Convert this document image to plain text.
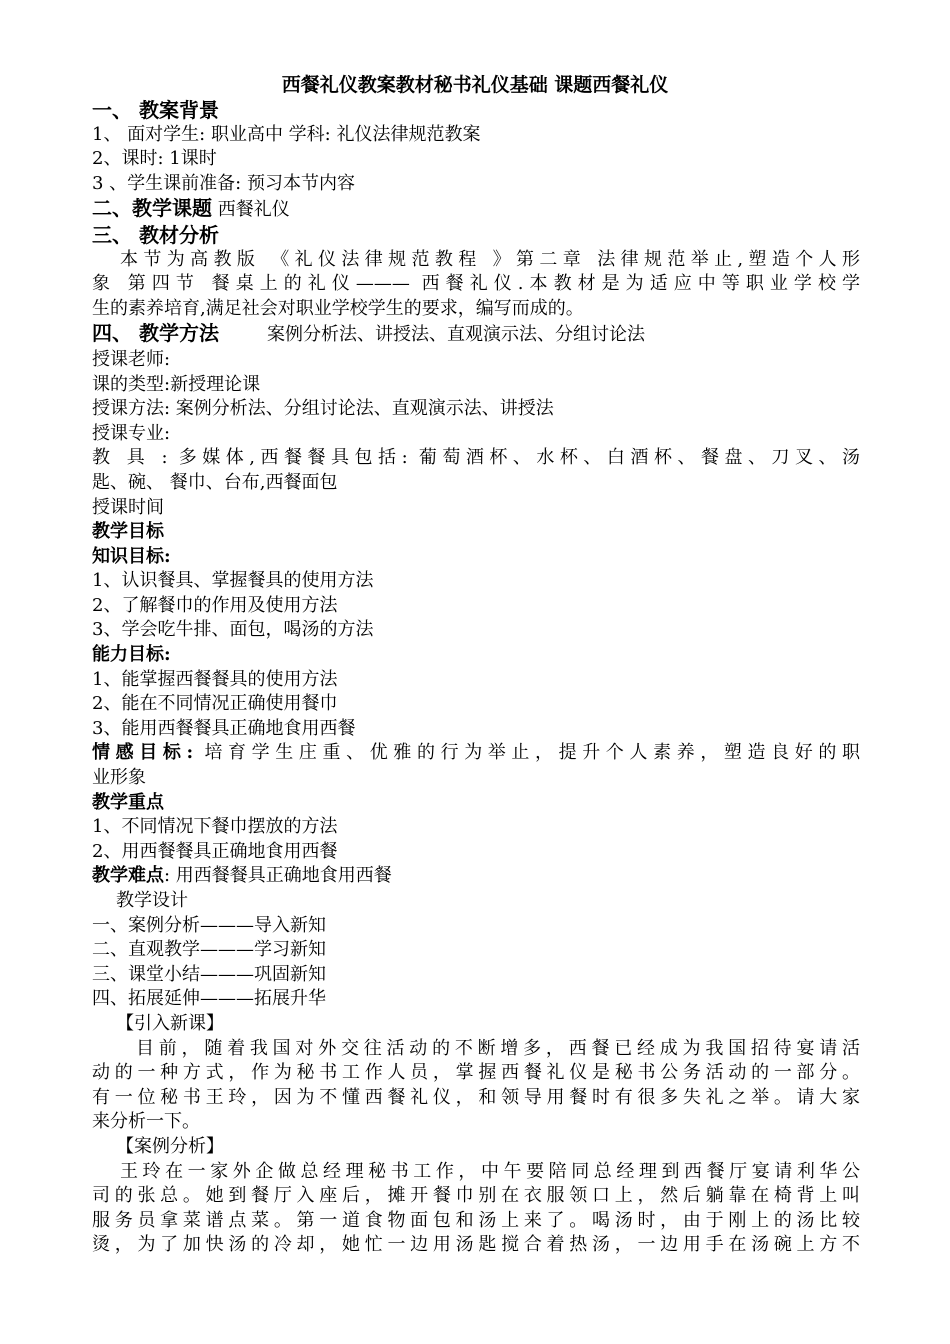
西餐礼仪教案教材秘书礼仪基础 课题西餐礼仪
一、 教案背景
1、 面对学生: 职业高中 学科: 礼仪法律规范教案
2、课时: 1课时
3 、学生课前准备: 预习本节内容
二、教学课题 西餐礼仪
三、 教材分析
本节为高教版 《礼仪法律规范教程 》第二章 法律规范举止,塑造个人形
象 第四节 餐桌上的礼仪——— 西餐礼仪.本教材是为适应中等职业学校学
生的素养培育,满足社会对职业学校学生的要求，编写而成的。
四、 教学方法	案例分析法、讲授法、直观演示法、分组讨论法
授课老师:
课的类型:新授理论课
授课方法: 案例分析法、分组讨论法、直观演示法、讲授法
授课专业:
教 具 : 多媒体,西餐餐具包括: 葡萄酒杯、水杯、白酒杯、餐盘、刀叉、汤
匙、碗、 餐巾、台布,西餐面包
授课时间
教学目标
知识目标:
1、认识餐具、掌握餐具的使用方法
2、了解餐巾的作用及使用方法
3、学会吃牛排、面包，喝汤的方法
能力目标:
1、能掌握西餐餐具的使用方法
2、能在不同情况正确使用餐巾
3、能用西餐餐具正确地食用西餐
情感目标: 培育学生庄重、优雅的行为举止，提升个人素养，塑造良好的职
业形象
教学重点
1、不同情况下餐巾摆放的方法
2、用西餐餐具正确地食用西餐
教学难点: 用西餐餐具正确地食用西餐
教学设计
一、案例分析———导入新知
二、直观教学———学习新知
三、课堂小结———巩固新知
四、拓展延伸———拓展升华
【引入新课】
目前，随着我国对外交往活动的不断增多，西餐已经成为我国招待宴请活
动的一种方式，作为秘书工作人员，掌握西餐礼仪是秘书公务活动的一部分。
有一位秘书王玲，因为不懂西餐礼仪，和领导用餐时有很多失礼之举。请大家
来分析一下。
【案例分析】
王玲在一家外企做总经理秘书工作，中午要陪同总经理到西餐厅宴请利华公
司的张总。她到餐厅入座后，摊开餐巾别在衣服领口上，然后躺靠在椅背上叫
服务员拿菜谱点菜。第一道食物面包和汤上来了。喝汤时，由于刚上的汤比较
烫，为了加快汤的冷却，她忙一边用汤匙搅合着热汤，一边用手在汤碗上方不
